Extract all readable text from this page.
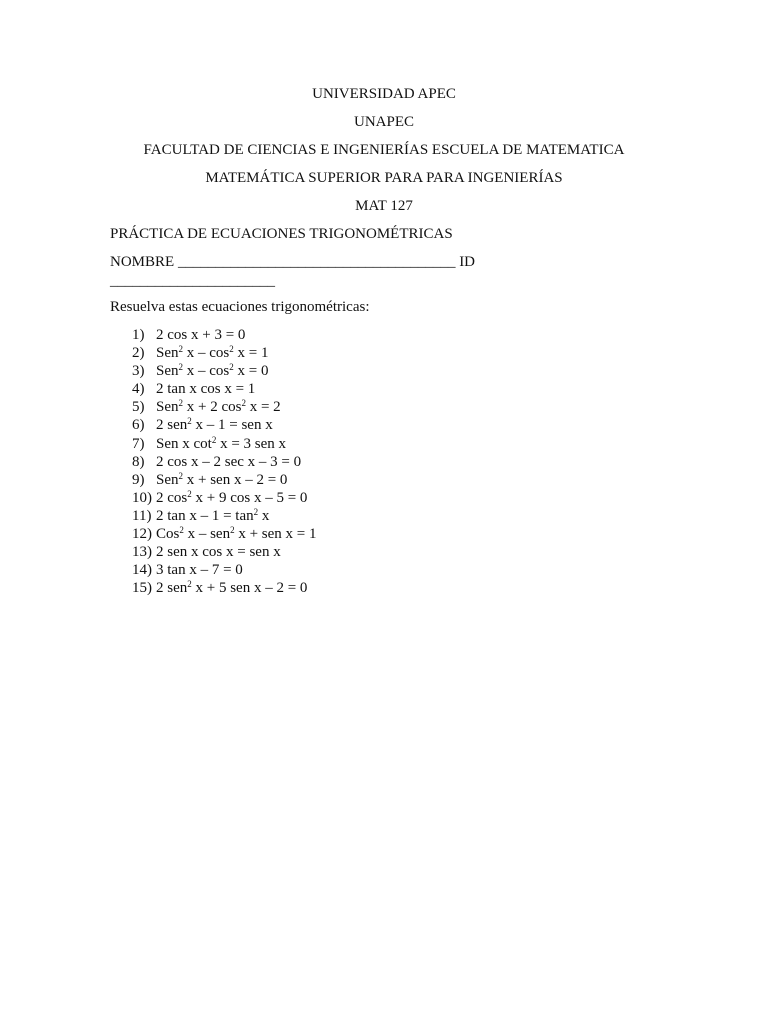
UNIVERSIDAD APEC
UNAPEC
FACULTAD DE CIENCIAS E INGENIERÍAS ESCUELA DE MATEMATICA
MATEMÁTICA SUPERIOR PARA PARA INGENIERÍAS
MAT 127
PRÁCTICA DE ECUACIONES TRIGONOMÉTRICAS
NOMBRE _____________________________________ ID
______________________
Resuelva estas ecuaciones trigonométricas:
1) 2 cos x + 3 = 0
2) Sen$^2$ $x - \cos^2 x = 1$
3) Sen$^2$ $x - \cos^2 x = 0$
4) 2 tan x cos x = 1
5) Sen$^2$ x + 2 $\cos^2 x = 2$
6) 2 sen$^2$ x – 1 = sen x
7) Sen x $\cot^2 x = 3$ sen x
8) 2 cos x – 2 sec x – 3 = 0
9) Sen$^2$ x + sen x – 2 = 0
10) 2 $\cos^2 x + 9$ cos x – 5 = 0
11) 2 $\tan x - 1 = \tan^2 x$
12) Cos$^2$ x – sen$^2$ x + sen x = 1
13) 2 sen x cos x = sen x
14) 3 tan x – 7 = 0
15) 2 sen$^2$ x + 5 sen x – 2 = 0
